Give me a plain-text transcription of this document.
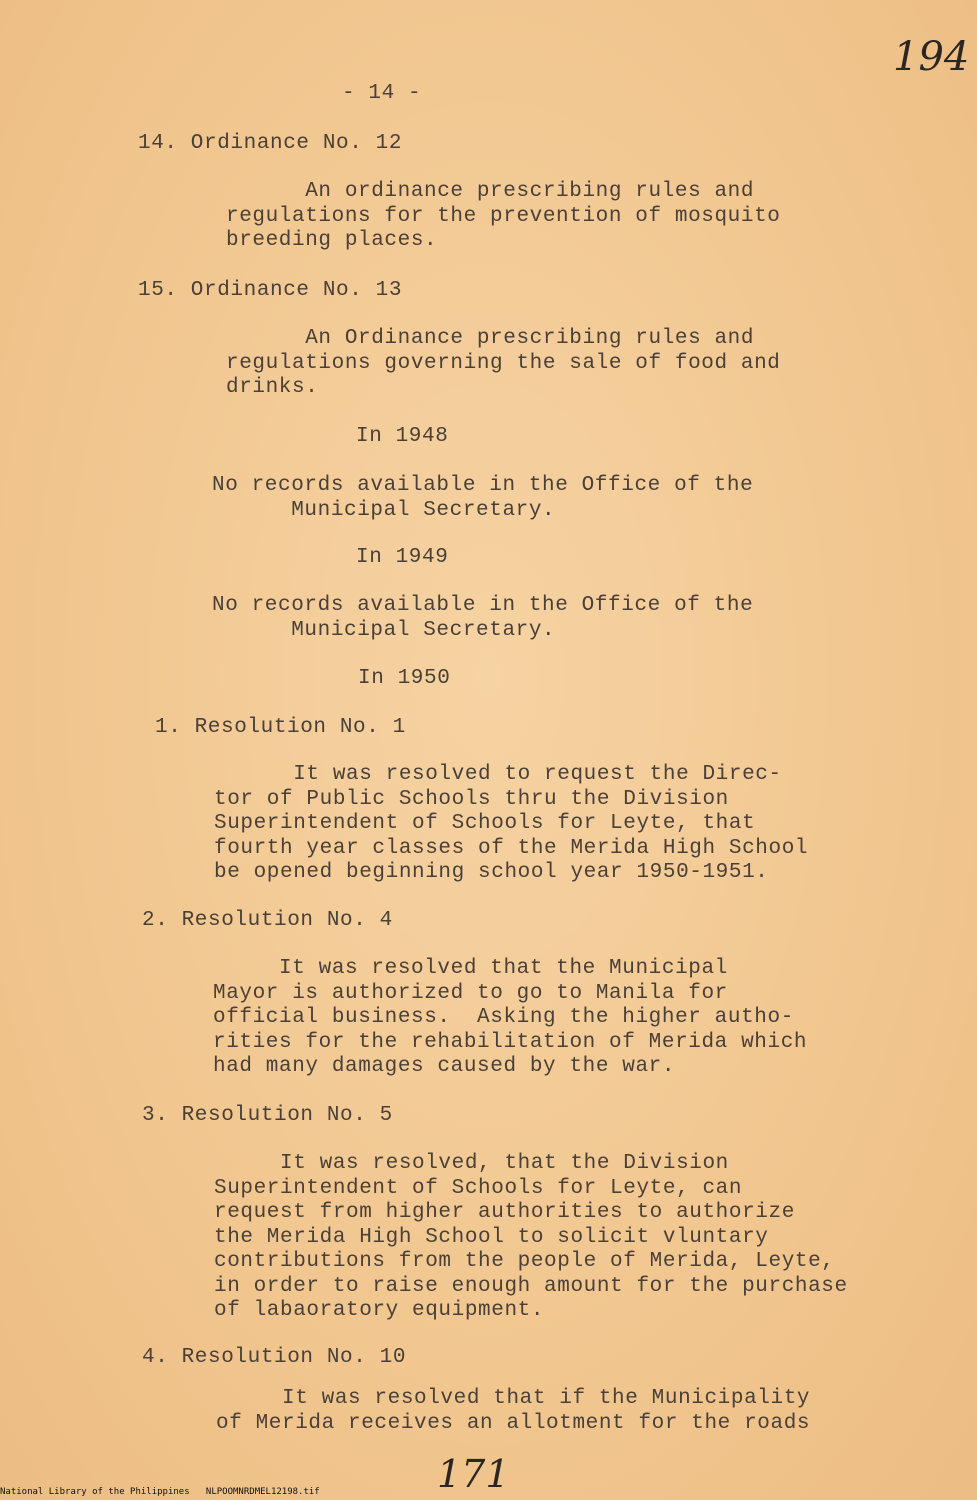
194
- 14 -
14. Ordinance No. 12
An ordinance prescribing rules and
regulations for the prevention of mosquito
breeding places.
15. Ordinance No. 13
An Ordinance prescribing rules and
regulations governing the sale of food and
drinks.
In 1948
No records available in the Office of the
Municipal Secretary.
In 1949
No records available in the Office of the
Municipal Secretary.
In 1950
1. Resolution No. 1
It was resolved to request the Direc-
tor of Public Schools thru the Division
Superintendent of Schools for Leyte, that
fourth year classes of the Merida High School
be opened beginning school year 1950-1951.
2. Resolution No. 4
It was resolved that the Municipal
Mayor is authorized to go to Manila for
official business.  Asking the higher autho-
rities for the rehabilitation of Merida which
had many damages caused by the war.
3. Resolution No. 5
It was resolved, that the Division
Superintendent of Schools for Leyte, can
request from higher authorities to authorize
the Merida High School to solicit vluntary
contributions from the people of Merida, Leyte,
in order to raise enough amount for the purchase
of labaoratory equipment.
4. Resolution No. 10
It was resolved that if the Municipality
of Merida receives an allotment for the roads
171
National Library of the Philippines NLPOOMNRDMEL12198.tif
